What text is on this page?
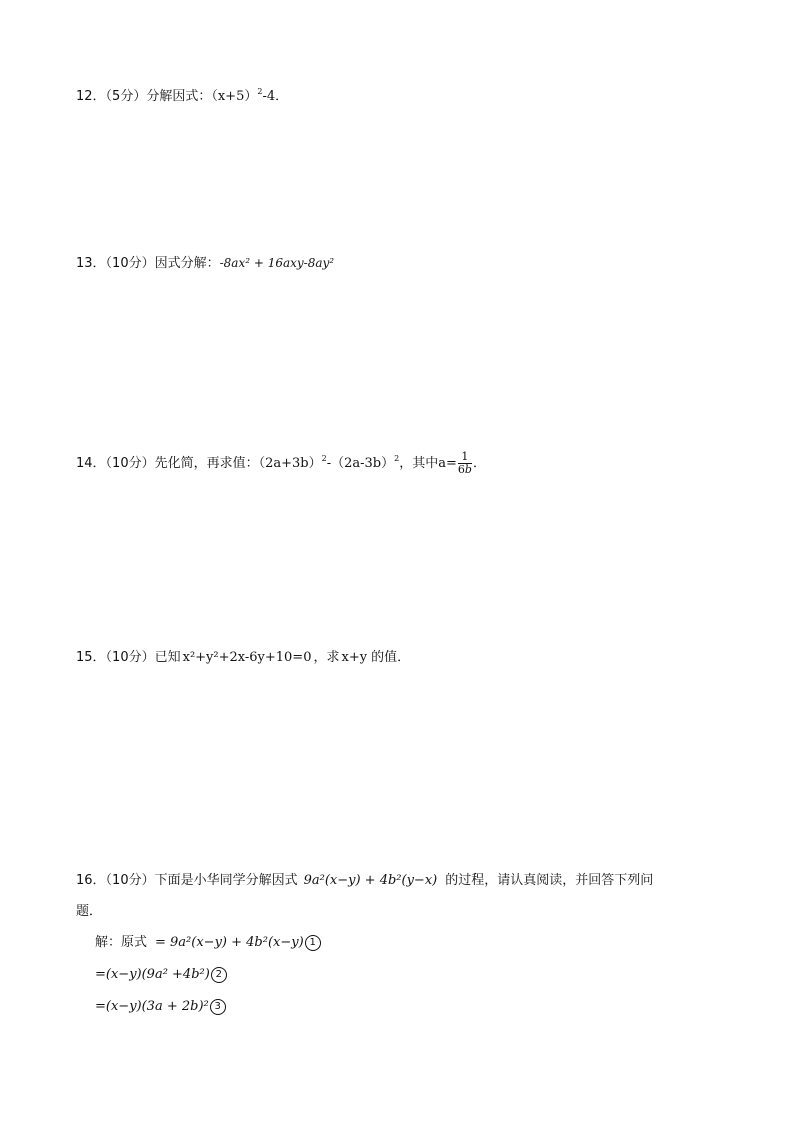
12．（5分）分解因式：$(x+5)^2-4$．
13．（10分）因式分解：-8ax² + 16axy-8ay²
14．（10分）先化简，再求值：$(2a+3b)^2-(2a-3b)^2$，其中$a= \frac{1}{6b}$ ．
15．（10分）已知 x²+y²+2x-6y+10=0 ，求 x+y 的值．
16．（10分）下面是小华同学分解因式 9a²(x−y) + 4b²(y−x) 的过程，请认真阅读，并回答下列问
题．
解：原式 = 9a²(x−y) + 4b²(x−y) 1
=(x−y)(9a² +4b²) 2
=(x−y)(3a + 2b)² 3
